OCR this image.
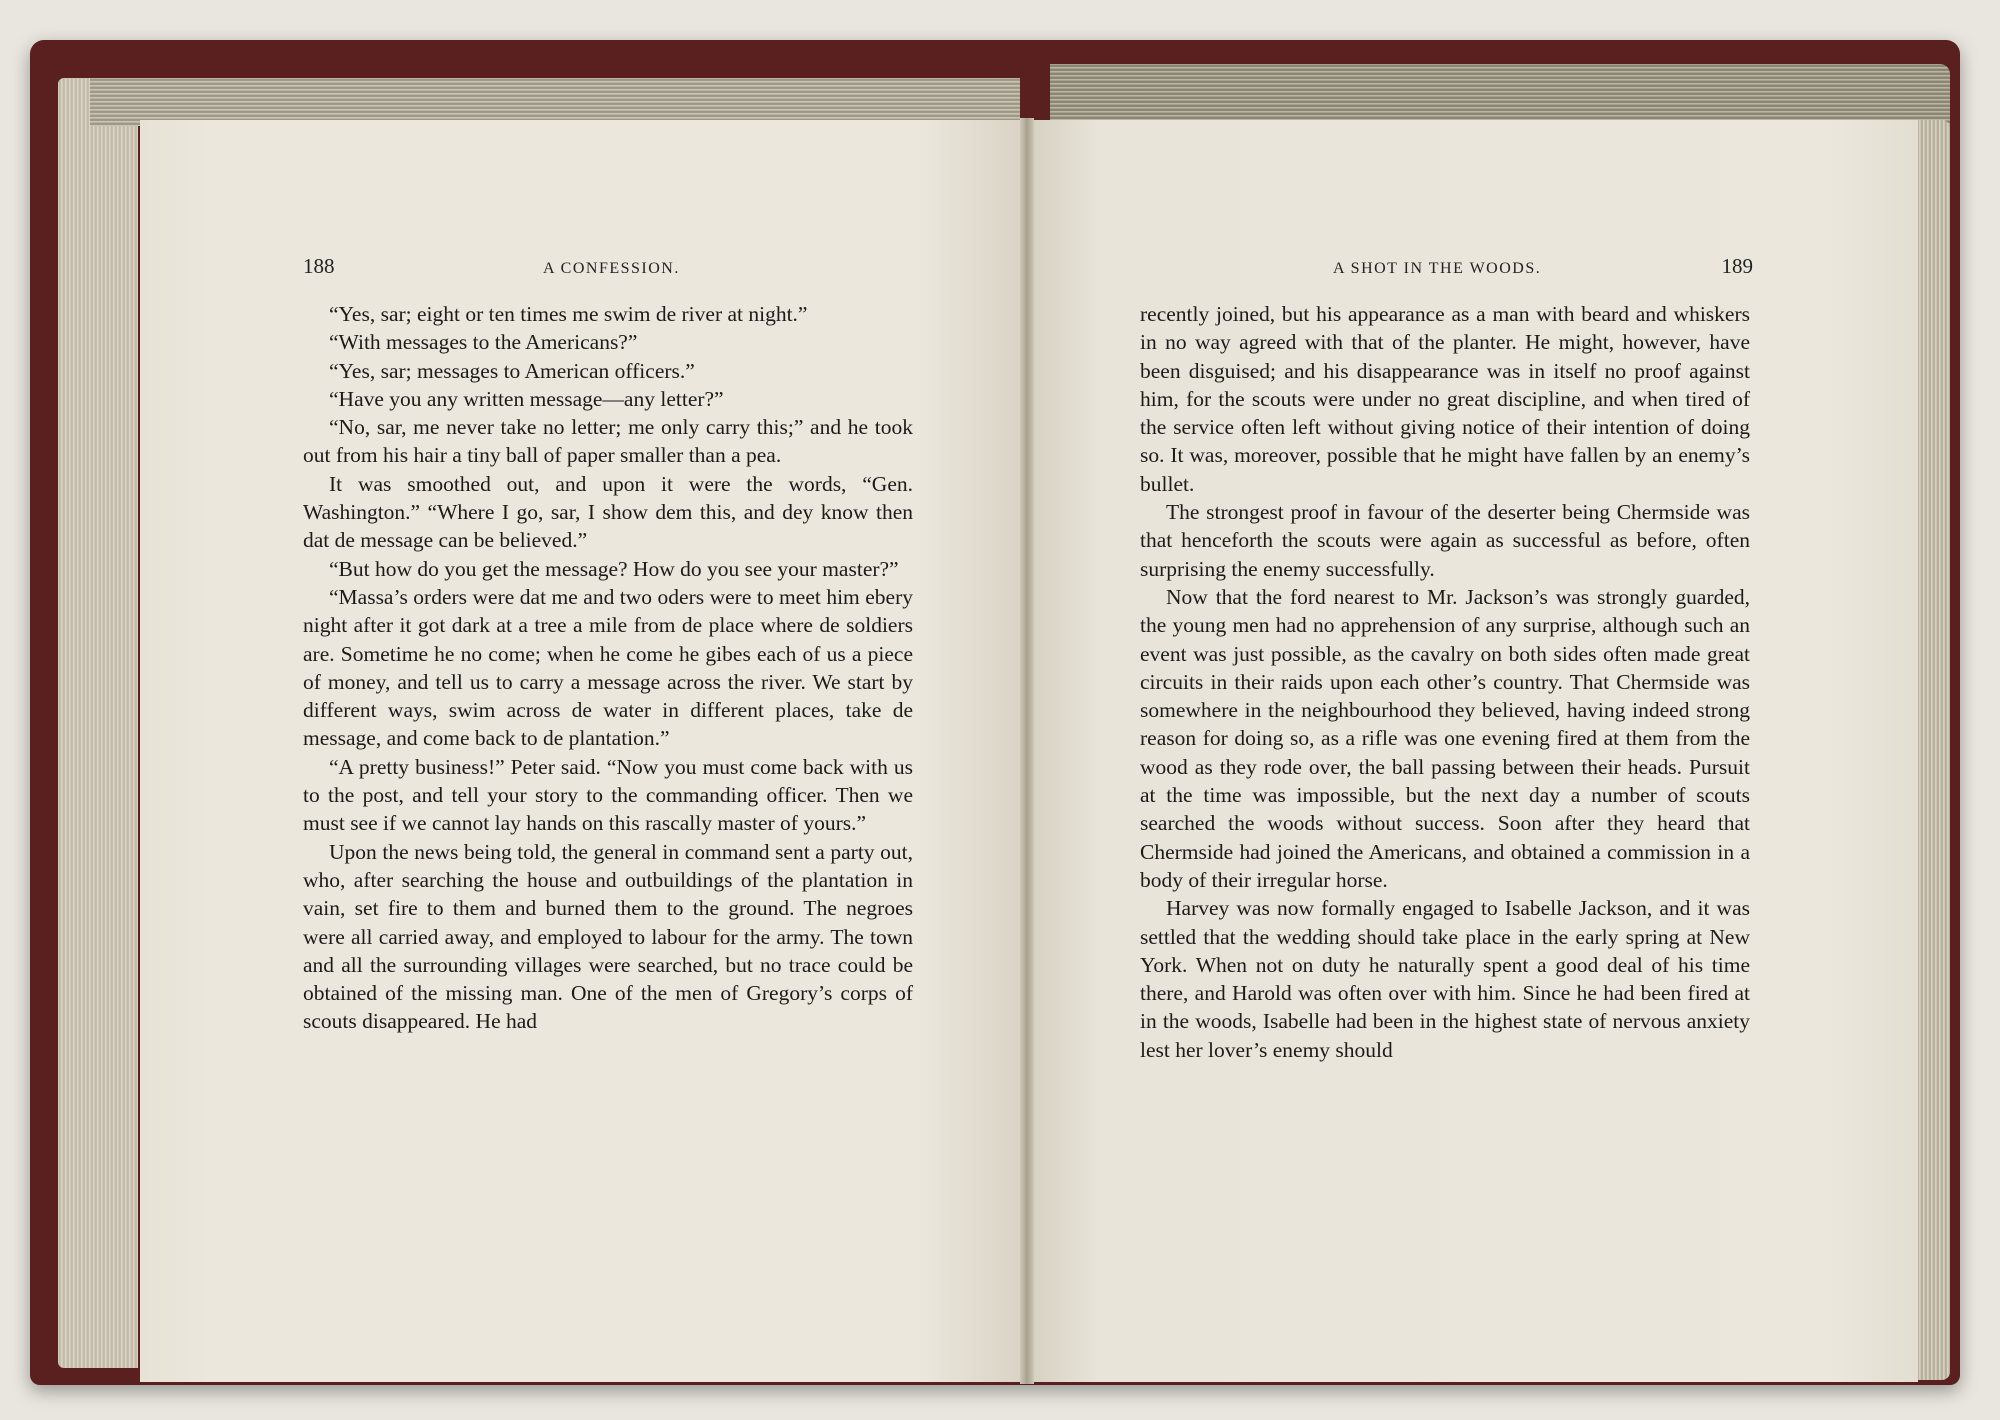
188	A CONFESSION.	A SHOT IN THE WOODS.	189

“Yes, sar; eight or ten times me swim de river at night.”

“With messages to the Americans?”

“Yes, sar; messages to American officers.”

“Have you any written message—any letter?”

“No, sar, me never take no letter; me only carry this;” and he took out from his hair a tiny ball of paper smaller than a pea.

It was smoothed out, and upon it were the words, “Gen. Washington.” “Where I go, sar, I show dem this, and dey know then dat de message can be believed.”

“But how do you get the message? How do you see your master?”

“Massa’s orders were dat me and two oders were to meet him ebery night after it got dark at a tree a mile from de place where de soldiers are. Sometime he no come; when he come he gibes each of us a piece of money, and tell us to carry a message across the river. We start by different ways, swim across de water in different places, take de message, and come back to de plantation.”

“A pretty business!” Peter said. “Now you must come back with us to the post, and tell your story to the commanding officer. Then we must see if we cannot lay hands on this rascally master of yours.”

Upon the news being told, the general in command sent a party out, who, after searching the house and outbuildings of the plantation in vain, set fire to them and burned them to the ground. The negroes were all carried away, and employed to labour for the army. The town and all the surrounding villages were searched, but no trace could be obtained of the missing man. One of the men of Gregory’s corps of scouts disappeared. He had

recently joined, but his appearance as a man with beard and whiskers in no way agreed with that of the planter. He might, however, have been disguised; and his disappearance was in itself no proof against him, for the scouts were under no great discipline, and when tired of the service often left without giving notice of their intention of doing so. It was, moreover, possible that he might have fallen by an enemy’s bullet.

The strongest proof in favour of the deserter being Chermside was that henceforth the scouts were again as successful as before, often surprising the enemy successfully.

Now that the ford nearest to Mr. Jackson’s was strongly guarded, the young men had no apprehension of any surprise, although such an event was just possible, as the cavalry on both sides often made great circuits in their raids upon each other’s country. That Chermside was somewhere in the neighbourhood they believed, having indeed strong reason for doing so, as a rifle was one evening fired at them from the wood as they rode over, the ball passing between their heads. Pursuit at the time was impossible, but the next day a number of scouts searched the woods without success. Soon after they heard that Chermside had joined the Americans, and obtained a commission in a body of their irregular horse.

Harvey was now formally engaged to Isabelle Jackson, and it was settled that the wedding should take place in the early spring at New York. When not on duty he naturally spent a good deal of his time there, and Harold was often over with him. Since he had been fired at in the woods, Isabelle had been in the highest state of nervous anxiety lest her lover’s enemy should
